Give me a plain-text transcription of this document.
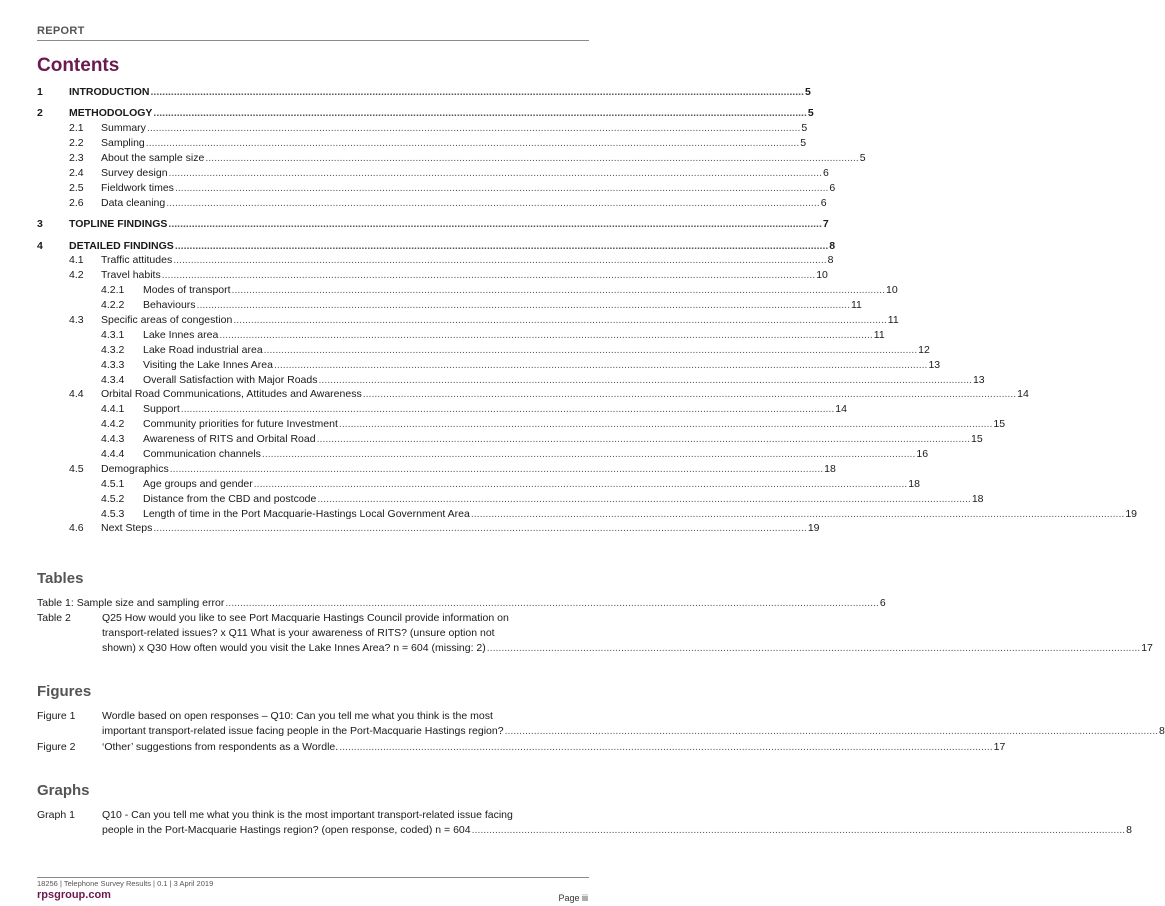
REPORT
Contents
1	INTRODUCTION .....	5
2	METHODOLOGY .....	5
2.1	Summary .....	5
2.2	Sampling .....	5
2.3	About the sample size .....	5
2.4	Survey design .....	6
2.5	Fieldwork times .....	6
2.6	Data cleaning .....	6
3	TOPLINE FINDINGS .....	7
4	DETAILED FINDINGS .....	8
4.1	Traffic attitudes .....	8
4.2	Travel habits .....	10
4.2.1	Modes of transport .....	10
4.2.2	Behaviours .....	11
4.3	Specific areas of congestion .....	11
4.3.1	Lake Innes area .....	11
4.3.2	Lake Road industrial area .....	12
4.3.3	Visiting the Lake Innes Area .....	13
4.3.4	Overall Satisfaction with Major Roads .....	13
4.4	Orbital Road Communications, Attitudes and Awareness .....	14
4.4.1	Support .....	14
4.4.2	Community priorities for future Investment .....	15
4.4.3	Awareness of RITS and Orbital Road .....	15
4.4.4	Communication channels .....	16
4.5	Demographics .....	18
4.5.1	Age groups and gender .....	18
4.5.2	Distance from the CBD and postcode .....	18
4.5.3	Length of time in the Port Macquarie-Hastings Local Government Area .....	19
4.6	Next Steps .....	19
Tables
Table 1:
Sample size and sampling error .....	6
Table 2	Q25 How would you like to see Port Macquarie Hastings Council provide information on
transport-related issues? x Q11 What is your awareness of RITS? (unsure option not
shown) x Q30 How often would you visit the Lake Innes Area? n = 604 (missing: 2) .....	17
Figures
Figure 1	Wordle based on open responses – Q10: Can you tell me what you think is the most
important transport-related issue facing people in the Port-Macquarie Hastings region? .....	8
Figure 2	‘Other’ suggestions from respondents as a Wordle. .....	17
Graphs
Graph 1	Q10 - Can you tell me what you think is the most important transport-related issue facing
people in the Port-Macquarie Hastings region? (open response, coded) n = 604 .....	8
18256 | Telephone Survey Results | 0.1 | 3 April 2019
rpsgroup.com	Page iii
